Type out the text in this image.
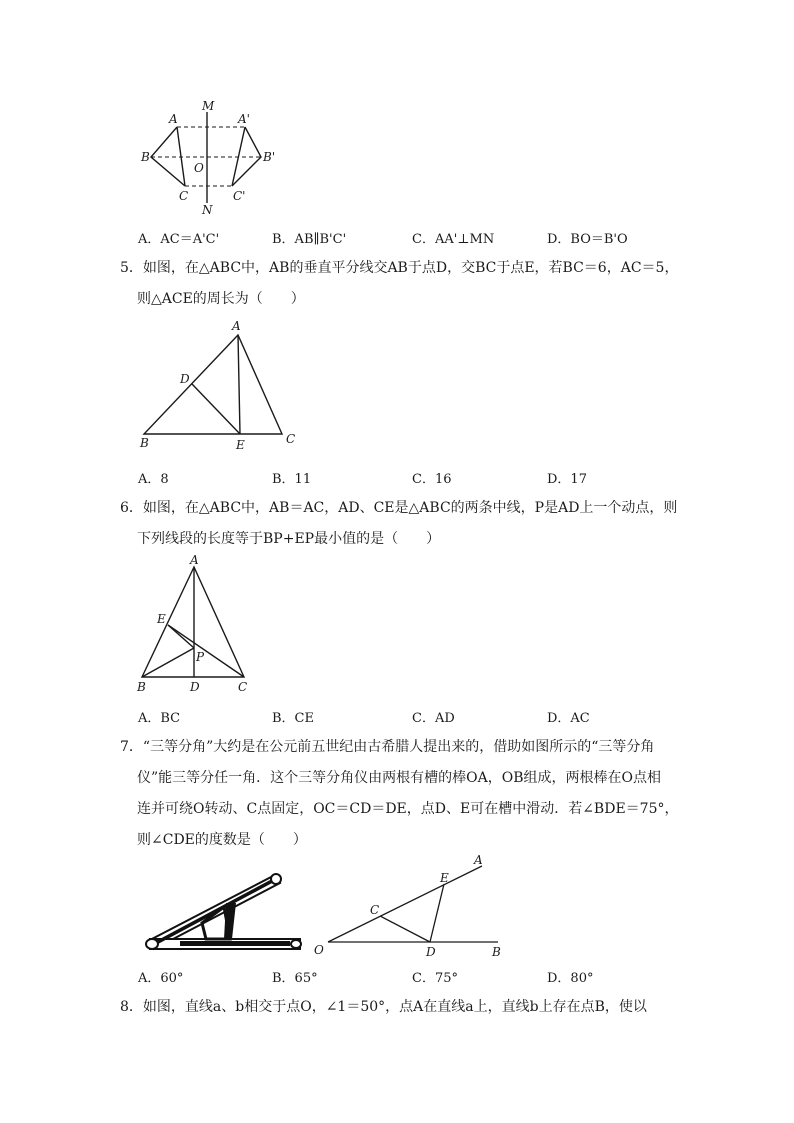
M
N
A	A'
B	B'
O
C	C'
A．AC＝A'C'	B．AB∥B'C'	C．AA'⊥MN	D．BO＝B'O
5．如图，在△ABC中，AB的垂直平分线交AB于点D，交BC于点E，若BC＝6，AC＝5，
则△ACE的周长为（　　）
A
B	C
D
E
A．8	B．11	C．16	D．17
6．如图，在△ABC中，AB＝AC，AD、CE是△ABC的两条中线，P是AD上一个动点，则
下列线段的长度等于BP+EP最小值的是（　　）
A
B	C
D
E
P
A．BC	B．CE	C．AD	D．AC
7．“三等分角”大约是在公元前五世纪由古希腊人提出来的，借助如图所示的“三等分角
仪”能三等分任一角．这个三等分角仪由两根有槽的棒OA，OB组成，两根棒在O点相
连并可绕O转动、C点固定，OC＝CD＝DE，点D、E可在槽中滑动．若∠BDE＝75°，
则∠CDE的度数是（　　）
O	B
A
C
D
E
A．60°	B．65°	C．75°	D．80°
8．如图，直线a、b相交于点O，∠1＝50°，点A在直线a上，直线b上存在点B，使以
